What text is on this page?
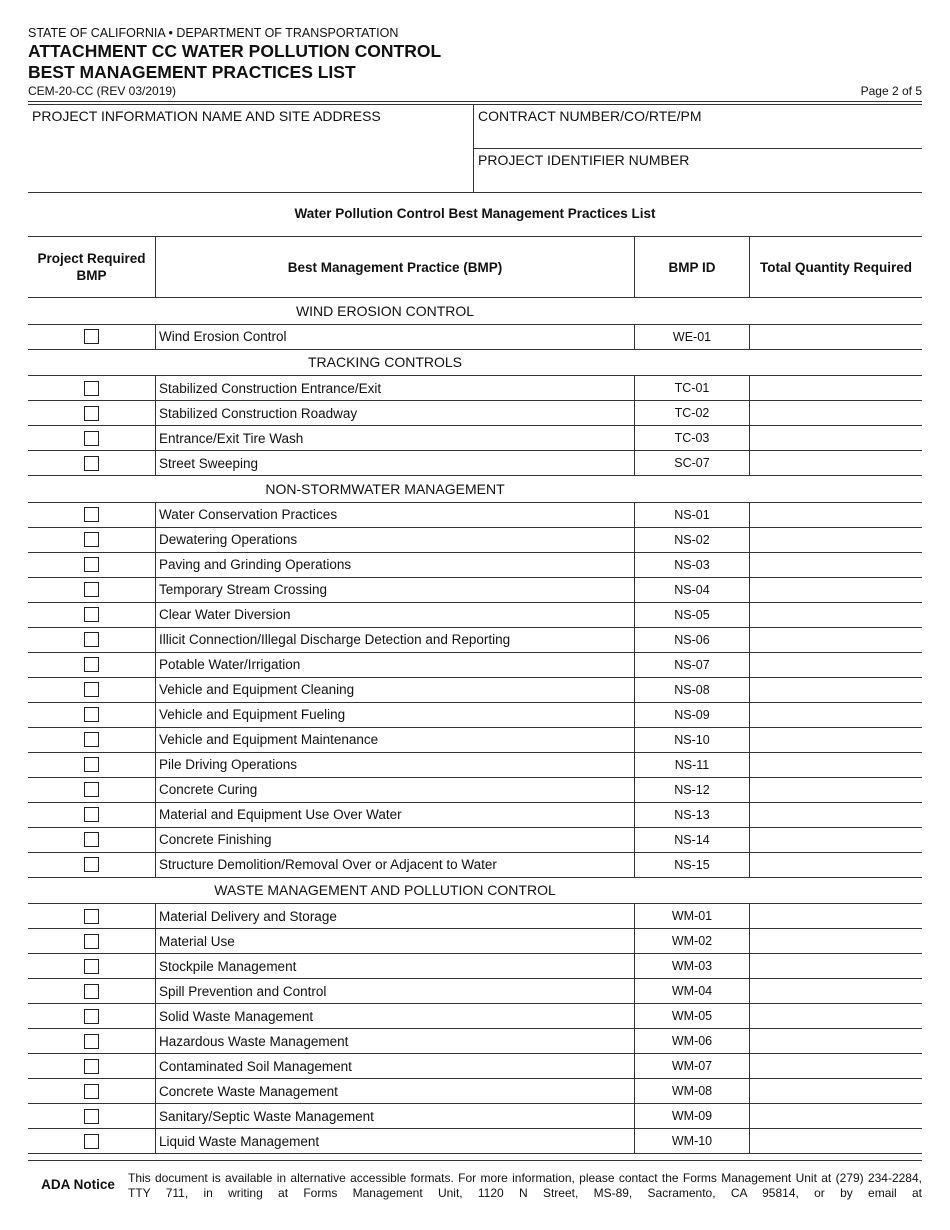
STATE OF CALIFORNIA • DEPARTMENT OF TRANSPORTATION
ATTACHMENT CC WATER POLLUTION CONTROL
BEST MANAGEMENT PRACTICES LIST
CEM-20-CC (REV 03/2019)	Page 2 of 5
PROJECT INFORMATION NAME AND SITE ADDRESS	CONTRACT NUMBER/CO/RTE/PM
PROJECT IDENTIFIER NUMBER
Water Pollution Control Best Management Practices List
Project Required BMP	Best Management Practice (BMP)	BMP ID	Total Quantity Required
WIND EROSION CONTROL			
	Wind Erosion Control	WE-01	
TRACKING CONTROLS			
	Stabilized Construction Entrance/Exit	TC-01	
	Stabilized Construction Roadway	TC-02	
	Entrance/Exit Tire Wash	TC-03	
	Street Sweeping	SC-07	
NON-STORMWATER MANAGEMENT			
	Water Conservation Practices	NS-01	
	Dewatering Operations	NS-02	
	Paving and Grinding Operations	NS-03	
	Temporary Stream Crossing	NS-04	
	Clear Water Diversion	NS-05	
	Illicit Connection/Illegal Discharge Detection and Reporting	NS-06	
	Potable Water/Irrigation	NS-07	
	Vehicle and Equipment Cleaning	NS-08	
	Vehicle and Equipment Fueling	NS-09	
	Vehicle and Equipment Maintenance	NS-10	
	Pile Driving Operations	NS-11	
	Concrete Curing	NS-12	
	Material and Equipment Use Over Water	NS-13	
	Concrete Finishing	NS-14	
	Structure Demolition/Removal Over or Adjacent to Water	NS-15	
WASTE MANAGEMENT AND POLLUTION CONTROL			
	Material Delivery and Storage	WM-01	
	Material Use	WM-02	
	Stockpile Management	WM-03	
	Spill Prevention and Control	WM-04	
	Solid Waste Management	WM-05	
	Hazardous Waste Management	WM-06	
	Contaminated Soil Management	WM-07	
	Concrete Waste Management	WM-08	
	Sanitary/Septic Waste Management	WM-09	
	Liquid Waste Management	WM-10	
ADA Notice	This document is available in alternative accessible formats. For more information, please contact the Forms Management Unit at (279) 234-2284, TTY 711, in writing at Forms Management Unit, 1120 N Street, MS-89, Sacramento, CA 95814, or by email at
